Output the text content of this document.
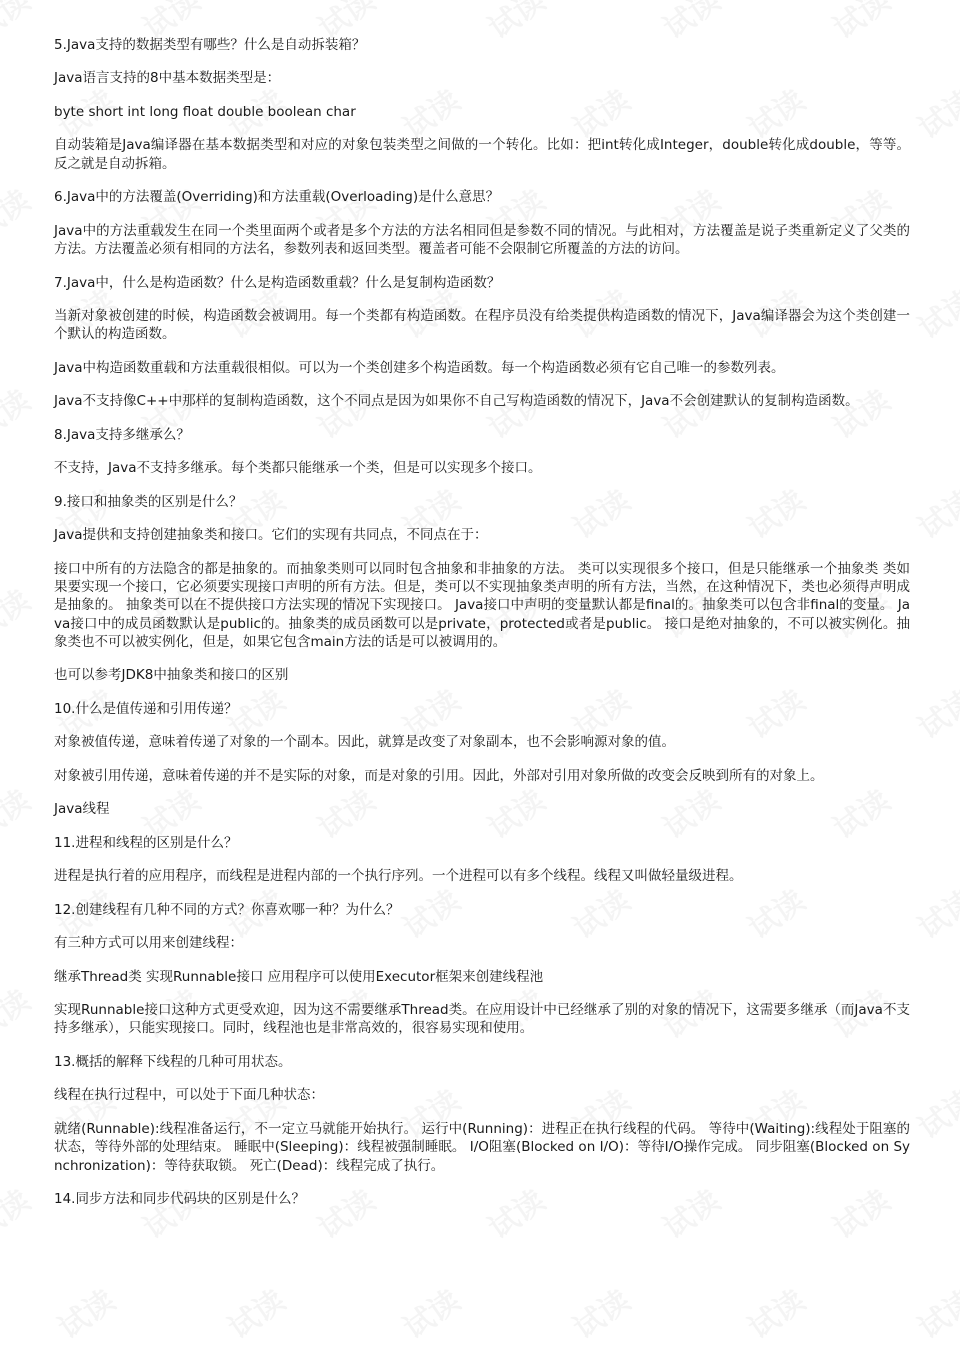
5.Java支持的数据类型有哪些？什么是自动拆装箱？

Java语言支持的8中基本数据类型是：

byte short int long float double boolean char

自动装箱是Java编译器在基本数据类型和对应的对象包装类型之间做的一个转化。比如：把int转化成Integer，double转化成double，等等。反之就是自动拆箱。

6.Java中的方法覆盖(Overriding)和方法重载(Overloading)是什么意思？

Java中的方法重载发生在同一个类里面两个或者是多个方法的方法名相同但是参数不同的情况。与此相对，方法覆盖是说子类重新定义了父类的方法。方法覆盖必须有相同的方法名，参数列表和返回类型。覆盖者可能不会限制它所覆盖的方法的访问。

7.Java中，什么是构造函数？什么是构造函数重载？什么是复制构造函数？

当新对象被创建的时候，构造函数会被调用。每一个类都有构造函数。在程序员没有给类提供构造函数的情况下，Java编译器会为这个类创建一个默认的构造函数。

Java中构造函数重载和方法重载很相似。可以为一个类创建多个构造函数。每一个构造函数必须有它自己唯一的参数列表。

Java不支持像C++中那样的复制构造函数，这个不同点是因为如果你不自己写构造函数的情况下，Java不会创建默认的复制构造函数。

8.Java支持多继承么？

不支持，Java不支持多继承。每个类都只能继承一个类，但是可以实现多个接口。

9.接口和抽象类的区别是什么？

Java提供和支持创建抽象类和接口。它们的实现有共同点，不同点在于：

接口中所有的方法隐含的都是抽象的。而抽象类则可以同时包含抽象和非抽象的方法。 类可以实现很多个接口，但是只能继承一个抽象类 类如果要实现一个接口，它必须要实现接口声明的所有方法。但是，类可以不实现抽象类声明的所有方法，当然，在这种情况下，类也必须得声明成是抽象的。 抽象类可以在不提供接口方法实现的情况下实现接口。 Java接口中声明的变量默认都是final的。抽象类可以包含非final的变量。 Java接口中的成员函数默认是public的。抽象类的成员函数可以是private，protected或者是public。 接口是绝对抽象的，不可以被实例化。抽象类也不可以被实例化，但是，如果它包含main方法的话是可以被调用的。

也可以参考JDK8中抽象类和接口的区别

10.什么是值传递和引用传递？

对象被值传递，意味着传递了对象的一个副本。因此，就算是改变了对象副本，也不会影响源对象的值。

对象被引用传递，意味着传递的并不是实际的对象，而是对象的引用。因此，外部对引用对象所做的改变会反映到所有的对象上。

Java线程

11.进程和线程的区别是什么？

进程是执行着的应用程序，而线程是进程内部的一个执行序列。一个进程可以有多个线程。线程又叫做轻量级进程。

12.创建线程有几种不同的方式？你喜欢哪一种？为什么？

有三种方式可以用来创建线程：

继承Thread类 实现Runnable接口 应用程序可以使用Executor框架来创建线程池

实现Runnable接口这种方式更受欢迎，因为这不需要继承Thread类。在应用设计中已经继承了别的对象的情况下，这需要多继承（而Java不支持多继承），只能实现接口。同时，线程池也是非常高效的，很容易实现和使用。

13.概括的解释下线程的几种可用状态。

线程在执行过程中，可以处于下面几种状态：

就绪(Runnable):线程准备运行，不一定立马就能开始执行。 运行中(Running)：进程正在执行线程的代码。 等待中(Waiting):线程处于阻塞的状态，等待外部的处理结束。 睡眠中(Sleeping)：线程被强制睡眠。 I/O阻塞(Blocked on I/O)：等待I/O操作完成。 同步阻塞(Blocked on Synchronization)：等待获取锁。 死亡(Dead)：线程完成了执行。

14.同步方法和同步代码块的区别是什么？
